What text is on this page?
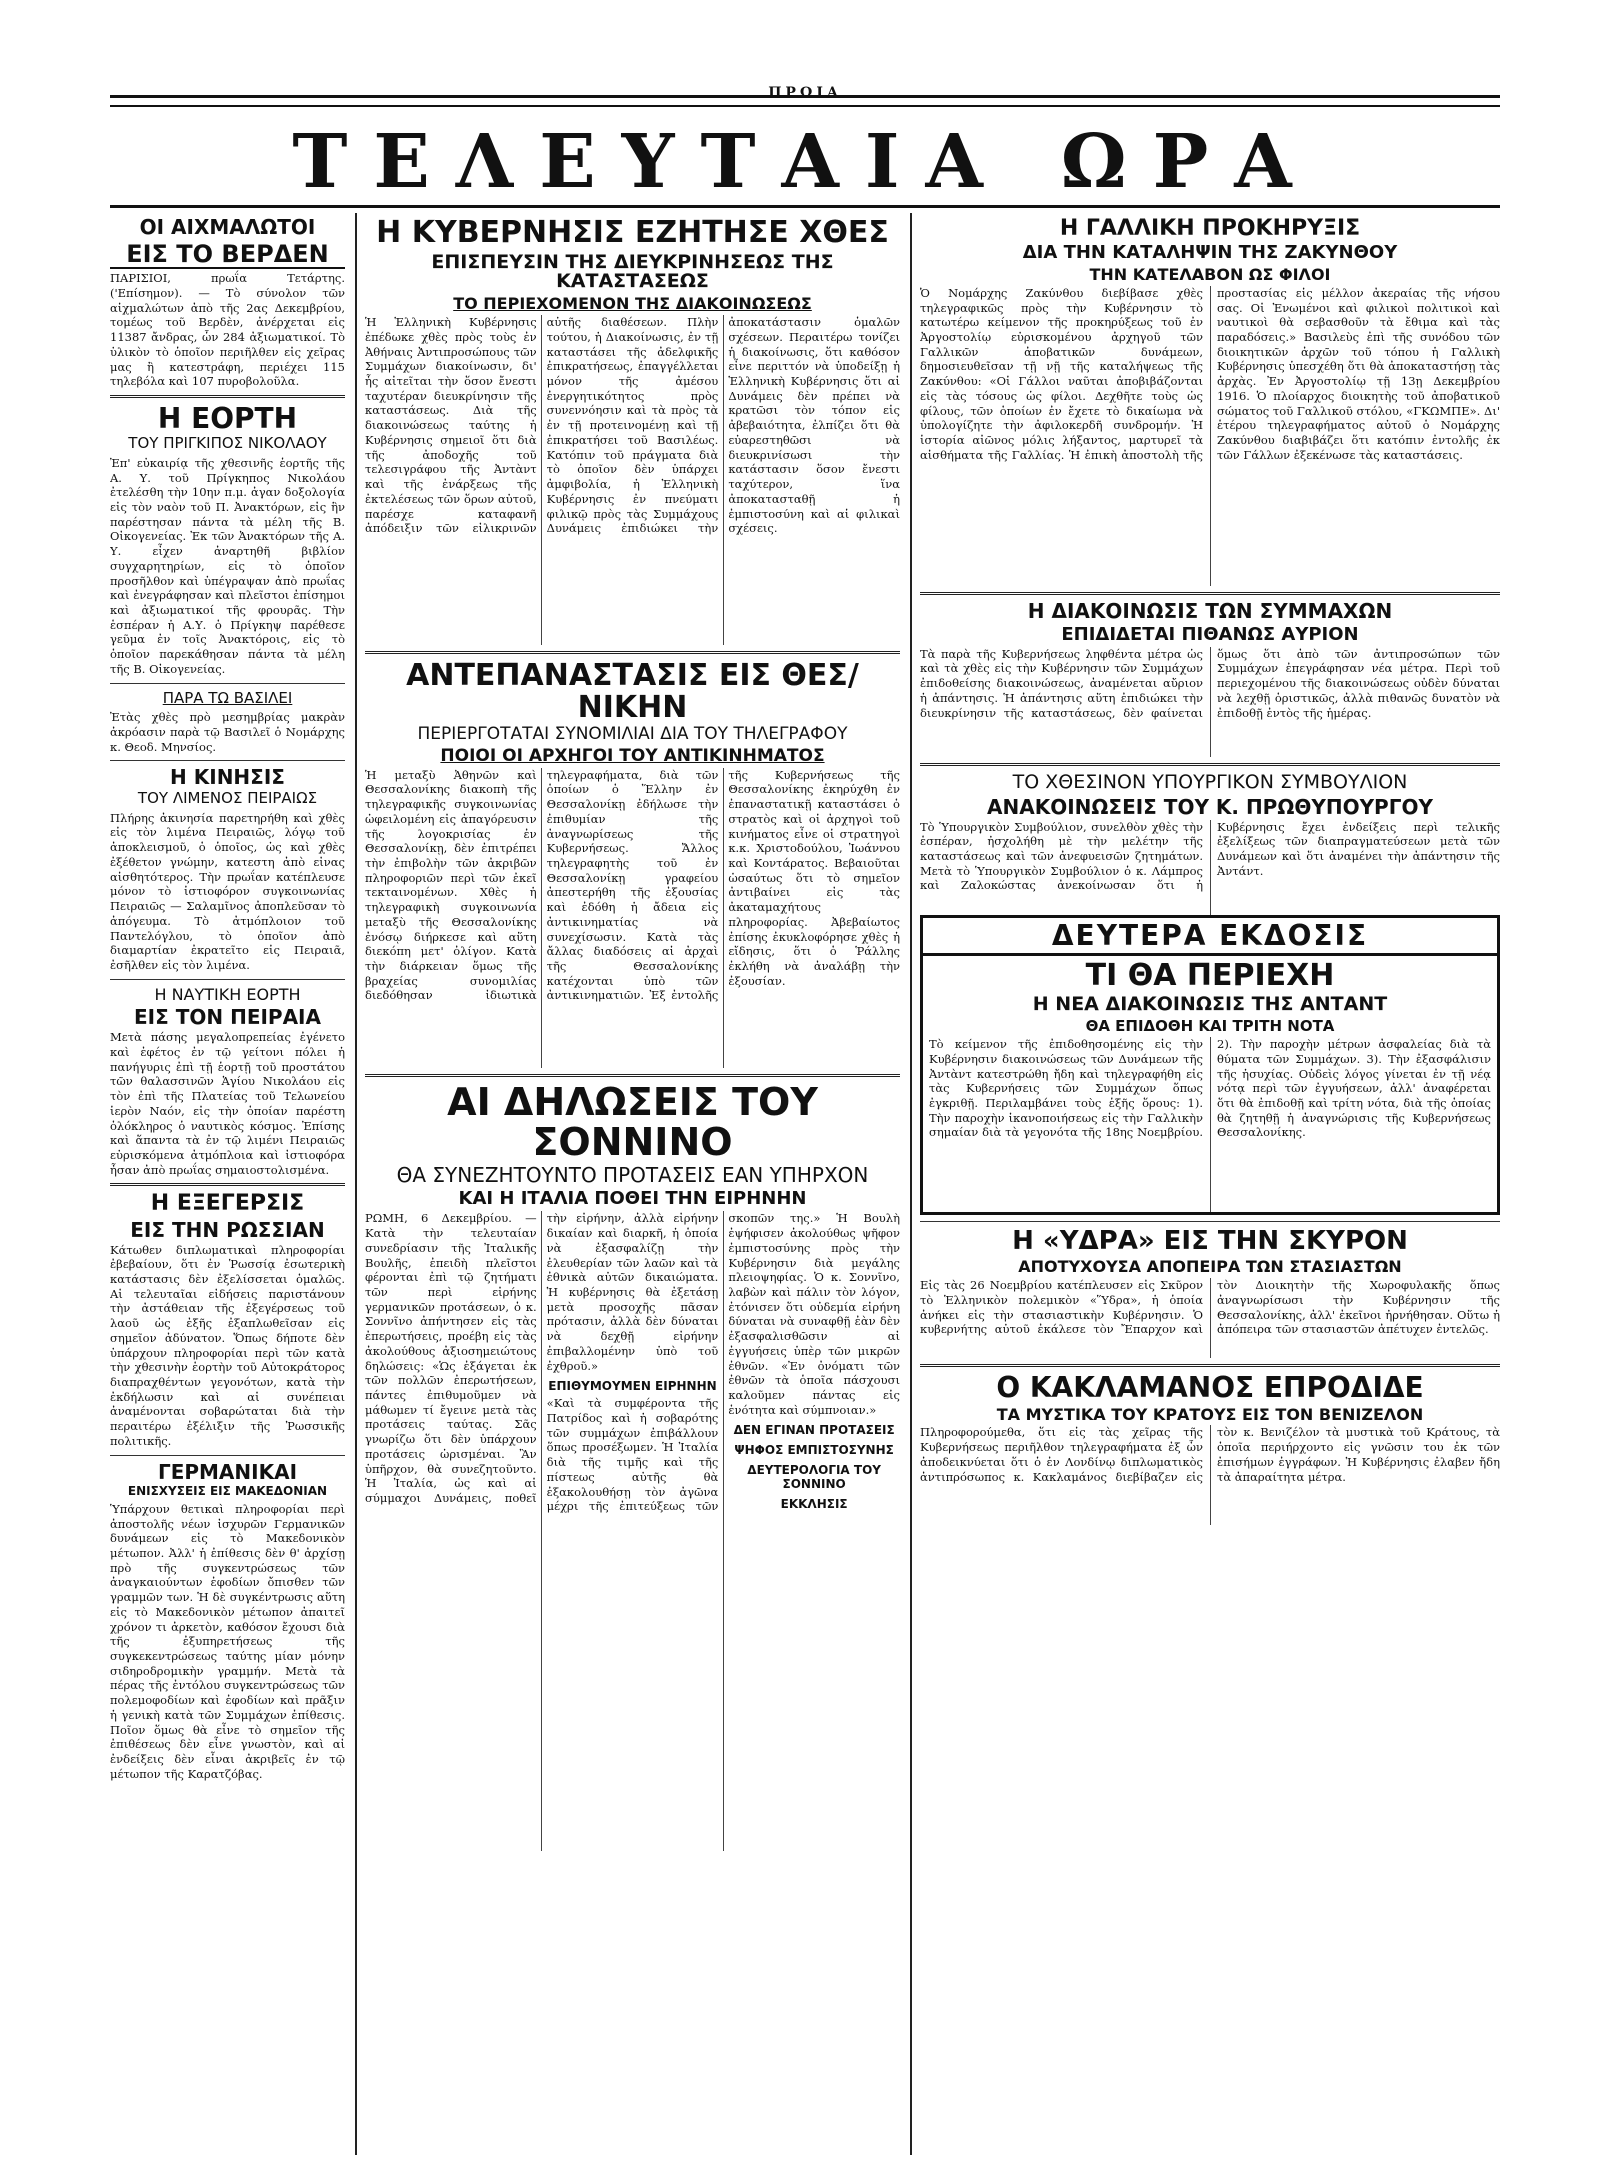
ΠΡΩΙΑ
ΤΕΛΕΥΤΑΙΑ ΩΡΑ
ΟΙ ΑΙΧΜΑΛΩΤΟΙ
ΕΙΣ ΤΟ ΒΕΡΔΕΝ

ΠΑΡΙΣΙΟΙ, πρωΐα Τετάρτης. ('Επίσημον). — Τὸ σύνολον τῶν αἰχμαλώτων ἀπὸ τῆς 2ας Δεκεμβρίου, τομέως τοῦ Βερδὲν, ἀνέρχεται εἰς 11387 ἄνδρας, ὧν 284 ἀξιωματικοί. Τὸ ὑλικὸν τὸ ὁποῖον περιῆλθεν εἰς χεῖρας μας ἢ κατεστράφη, περιέχει 115 τηλεβόλα καὶ 107 πυροβολοῦλα.

Η ΕΟΡΤΗ
ΤΟΥ ΠΡΙΓΚΙΠΟΣ ΝΙΚΟΛΑΟΥ

Ἐπ' εὐκαιρίᾳ τῆς χθεσινῆς ἑορτῆς τῆς Α. Υ. τοῦ Πρίγκηπος Νικολάου ἐτελέσθη τὴν 10ην π.μ. ἀγαν δοξολογία εἰς τὸν ναὸν τοῦ Π. Ἀνακτόρων, εἰς ἣν παρέστησαν πάντα τὰ μέλη τῆς Β. Οἰκογενείας. Ἐκ τῶν Ἀνακτόρων τῆς Α. Υ. εἶχεν ἀναρτηθῆ βιβλίον συγχαρητηρίων, εἰς τὸ ὁποῖον προσῆλθον καὶ ὑπέγραψαν ἀπὸ πρωΐας καὶ ἐνεγράφησαν καὶ πλεῖστοι ἐπίσημοι καὶ ἀξιωματικοί τῆς φρουρᾶς. Τὴν ἑσπέραν ἡ Α.Υ. ὁ Πρίγκηψ παρέθεσε γεῦμα ἐν τοῖς Ἀνακτόροις, εἰς τὸ ὁποῖον παρεκάθησαν πάντα τὰ μέλη τῆς Β. Οἰκογενείας.

ΠΑΡΑ ΤΩ ΒΑΣΙΛΕΙ

Ἐτὰς χθὲς πρὸ μεσημβρίας μακρὰν ἀκρόασιν παρὰ τῷ Βασιλεῖ ὁ Νομάρχης κ. Θεοδ. Μηνσίος.

Η ΚΙΝΗΣΙΣ
ΤΟΥ ΛΙΜΕΝΟΣ ΠΕΙΡΑΙΩΣ

Πλήρης ἀκινησία παρετηρήθη καὶ χθὲς εἰς τὸν λιμένα Πειραιῶς, λόγῳ τοῦ ἀποκλεισμοῦ, ὁ ὁποῖος, ὡς καὶ χθὲς ἐξέθετον γνώμην, κατεστη ἀπὸ εἰνας αἰσθητότερος. Τὴν πρωΐαν κατέπλευσε μόνον τὸ ἰστιοφόρον συγκοινωνίας Πειραιῶς — Σαλαμῖνος ἀποπλεῦσαν τὸ ἀπόγευμα. Τὸ ἀτμόπλοιον τοῦ Παντελόγλου, τὸ ὁποῖον ἀπὸ διαμαρτίαν ἐκρατεῖτο εἰς Πειραιᾶ, ἐσῆλθεν εἰς τὸν λιμένα.

Η ΝΑΥΤΙΚΗ ΕΟΡΤΗ
ΕΙΣ ΤΟΝ ΠΕΙΡΑΙΑ

Μετὰ πάσης μεγαλοπρεπείας ἐγένετο καὶ ἐφέτος ἐν τῷ γείτονι πόλει ἡ πανήγυρις ἐπὶ τῇ ἑορτῇ τοῦ προστάτου τῶν θαλασσινῶν Ἁγίου Νικολάου εἰς τὸν ἐπὶ τῆς Πλατείας τοῦ Τελωνείου ἱερὸν Ναόν, εἰς τὴν ὁποίαν παρέστη ὁλόκληρος ὁ ναυτικὸς κόσμος. Ἐπίσης καὶ ἅπαντα τὰ ἐν τῷ λιμένι Πειραιῶς εὑρισκόμενα ἀτμόπλοια καὶ ἰστιοφόρα ἦσαν ἀπὸ πρωΐας σημαιοστολισμένα.

Η ΕΞΕΓΕΡΣΙΣ
ΕΙΣ ΤΗΝ ΡΩΣΣΙΑΝ

Κάτωθεν διπλωματικαὶ πληροφορίαι ἐβεβαίουν, ὅτι ἐν Ῥωσσίᾳ ἐσωτερικὴ κατάστασις δὲν ἐξελίσσεται ὁμαλῶς. Αἱ τελευταῖαι εἰδήσεις παριστάνουν τὴν ἀστάθειαν τῆς ἐξεγέρσεως τοῦ λαοῦ ὡς ἐξῆς ἐξαπλωθεῖσαν εἰς σημεῖον ἀδύνατον. Ὅπως δήποτε δὲν ὑπάρχουν πληροφορίαι περὶ τῶν κατὰ τὴν χθεσινὴν ἑορτὴν τοῦ Αὐτοκράτορος διαπραχθέντων γεγονότων, κατὰ τὴν ἐκδήλωσιν καὶ αἱ συνέπειαι ἀναμένονται σοβαρώταται διὰ τὴν περαιτέρω ἐξέλιξιν τῆς Ῥωσσικῆς πολιτικῆς.

ΓΕΡΜΑΝΙΚΑΙ
ΕΝΙΣΧΥΣΕΙΣ ΕΙΣ ΜΑΚΕΔΟΝΙΑΝ

Ὑπάρχουν θετικαὶ πληροφορίαι περὶ ἀποστολῆς νέων ἰσχυρῶν Γερμανικῶν δυνάμεων εἰς τὸ Μακεδονικὸν μέτωπον. Ἀλλ' ἡ ἐπίθεσις δὲν θ' ἀρχίσῃ πρὸ τῆς συγκεντρώσεως τῶν ἀναγκαιούντων ἐφοδίων ὄπισθεν τῶν γραμμῶν των. Ἡ δὲ συγκέντρωσις αὕτη εἰς τὸ Μακεδονικὸν μέτωπον ἀπαιτεῖ χρόνον τι ἀρκετὸν, καθόσον ἔχουσι διὰ τῆς ἐξυπηρετήσεως τῆς συγκεκεντρώσεως ταύτης μίαν μόνην σιδηροδρομικὴν γραμμήν. Μετὰ τὰ πέρας τῆς ἐντόλου συγκεντρώσεως τῶν πολεμοφοδίων καὶ ἐφοδίων καὶ πρᾶξιν ἡ γενικὴ κατὰ τῶν Συμμάχων ἐπίθεσις. Ποῖον ὅμως θὰ εἶνε τὸ σημεῖον τῆς ἐπιθέσεως δὲν εἶνε γνωστὸν, καὶ αἱ ἐνδείξεις δὲν εἶναι ἀκριβεῖς ἐν τῷ μέτωπον τῆς Καρατζόβας.

Η ΚΥΒΕΡΝΗΣΙΣ ΕΖΗΤΗΣΕ ΧΘΕΣ
ΕΠΙΣΠΕΥΣΙΝ ΤΗΣ ΔΙΕΥΚΡΙΝΗΣΕΩΣ ΤΗΣ ΚΑΤΑΣΤΑΣΕΩΣ
ΤΟ ΠΕΡΙΕΧΟΜΕΝΟΝ ΤΗΣ ΔΙΑΚΟΙΝΩΣΕΩΣ

Ἡ Ἑλληνικὴ Κυβέρνησις ἐπέδωκε χθὲς πρὸς τοὺς ἐν Ἀθήναις Ἀντιπροσώπους τῶν Συμμάχων διακοίνωσιν, δι' ἧς αἰτεῖται τὴν ὅσον ἔνεστι ταχυτέραν διευκρίνησιν τῆς καταστάσεως. Διὰ τῆς διακοινώσεως ταύτης ἡ Κυβέρνησις σημειοῖ ὅτι διὰ τῆς ἀποδοχῆς τοῦ τελεσιγράφου τῆς Ἀντὰντ καὶ τῆς ἐνάρξεως τῆς ἐκτελέσεως τῶν ὅρων αὐτοῦ, παρέσχε καταφανῆ ἀπόδειξιν τῶν εἰλικρινῶν αὐτῆς διαθέσεων. Πλὴν τούτου, ἡ Διακοίνωσις, ἐν τῇ καταστάσει τῆς ἀδελφικῆς ἐπικρατήσεως, ἐπαγγέλλεται μόνον τῆς ἀμέσου ἐνεργητικότητος πρὸς συνεννόησιν καὶ τὰ πρὸς τὰ ἐν τῇ προτεινομένῃ καὶ τῇ ἐπικρατήσει τοῦ Βασιλέως. Κατόπιν τοῦ πράγματα διὰ τὸ ὁποῖον δὲν ὑπάρχει ἀμφιβολία, ἡ Ἑλληνικὴ Κυβέρνησις ἐν πνεύματι φιλικῷ πρὸς τὰς Συμμάχους Δυνάμεις ἐπιδιώκει τὴν ἀποκατάστασιν ὁμαλῶν σχέσεων. Περαιτέρω τονίζει ἡ διακοίνωσις, ὅτι καθόσον εἶνε περιττόν νὰ ὑποδείξῃ ἡ Ἑλληνικὴ Κυβέρνησις ὅτι αἱ Δυνάμεις δὲν πρέπει νὰ κρατῶσι τὸν τόπον εἰς ἀβεβαιότητα, ἐλπίζει ὅτι θὰ εὐαρεστηθῶσι νὰ διευκρινίσωσι τὴν κατάστασιν ὅσον ἔνεστι ταχύτερον, ἵνα ἀποκατασταθῇ ἡ ἐμπιστοσύνη καὶ αἱ φιλικαὶ σχέσεις.

ΑΝΤΕΠΑΝΑΣΤΑΣΙΣ ΕΙΣ ΘΕΣ/ΝΙΚΗΝ
ΠΕΡΙΕΡΓΟΤΑΤΑΙ ΣΥΝΟΜΙΛΙΑΙ ΔΙΑ ΤΟΥ ΤΗΛΕΓΡΑΦΟΥ
ΠΟΙΟΙ ΟΙ ΑΡΧΗΓΟΙ ΤΟΥ ΑΝΤΙΚΙΝΗΜΑΤΟΣ

Ἡ μεταξὺ Ἀθηνῶν καὶ Θεσσαλονίκης διακοπὴ τῆς τηλεγραφικῆς συγκοινωνίας ὠφειλομένη εἰς ἀπαγόρευσιν τῆς λογοκρισίας ἐν Θεσσαλονίκῃ, δὲν ἐπιτρέπει τὴν ἐπιβολὴν τῶν ἀκριβῶν πληροφοριῶν περὶ τῶν ἐκεῖ τεκταινομένων. Χθὲς ἡ τηλεγραφικὴ συγκοινωνία μεταξὺ τῆς Θεσσαλονίκης ἐνόσῳ διήρκεσε καὶ αὕτη διεκόπη μετ' ὀλίγον. Κατὰ τὴν διάρκειαν ὅμως τῆς βραχείας συνομιλίας διεδόθησαν ἰδιωτικὰ τηλεγραφήματα, διὰ τῶν ὁποίων ὁ Ἕλλην ἐν Θεσσαλονίκῃ ἐδήλωσε τὴν ἐπιθυμίαν τῆς ἀναγνωρίσεως τῆς Κυβερνήσεως. Ἄλλος τηλεγραφητὴς τοῦ ἐν Θεσσαλονίκῃ γραφείου ἀπεστερήθη τῆς ἐξουσίας καὶ ἐδόθη ἡ ἄδεια εἰς ἀντικινηματίας νὰ συνεχίσωσιν. Κατὰ τὰς ἄλλας διαδόσεις αἱ ἀρχαὶ τῆς Θεσσαλονίκης κατέχονται ὑπὸ τῶν ἀντικινηματιῶν. Ἐξ ἐντολῆς τῆς Κυβερνήσεως τῆς Θεσσαλονίκης ἐκηρύχθη ἐν ἐπαναστατικῇ καταστάσει ὁ στρατὸς καὶ οἱ ἀρχηγοὶ τοῦ κινήματος εἶνε οἱ στρατηγοὶ κ.κ. Χριστοδούλου, Ἰωάννου καὶ Κοντάρατος. Βεβαιοῦται ὡσαύτως ὅτι τὸ σημεῖον ἀντιβαίνει εἰς τὰς ἀκαταμαχήτους πληροφορίας. Ἀβεβαίωτος ἐπίσης ἐκυκλοφόρησε χθὲς ἡ εἴδησις, ὅτι ὁ Ῥάλλης ἐκλήθη νὰ ἀναλάβῃ τὴν ἐξουσίαν.

ΑΙ ΔΗΛΩΣΕΙΣ ΤΟΥ ΣΟΝΝΙΝΟ
ΘΑ ΣΥΝΕΖΗΤΟΥΝΤΟ ΠΡΟΤΑΣΕΙΣ ΕΑΝ ΥΠΗΡΧΟΝ
ΚΑΙ Η ΙΤΑΛΙΑ ΠΟΘΕΙ ΤΗΝ ΕΙΡΗΝΗΝ

ΡΩΜΗ, 6 Δεκεμβρίου. — Κατὰ τὴν τελευταίαν συνεδρίασιν τῆς Ἰταλικῆς Βουλῆς, ἐπειδὴ πλεῖστοι φέρονται ἐπὶ τῷ ζητήματι τῶν περὶ εἰρήνης γερμανικῶν προτάσεων, ὁ κ. Σοννῖνο ἀπήντησεν εἰς τὰς ἐπερωτήσεις, προέβη εἰς τὰς ἀκολούθους ἀξιοσημειώτους δηλώσεις: «Ὡς ἐξάγεται ἐκ τῶν πολλῶν ἐπερωτήσεων, πάντες ἐπιθυμοῦμεν νὰ μάθωμεν τί ἔγεινε μετὰ τὰς προτάσεις ταύτας. Σᾶς γνωρίζω ὅτι δὲν ὑπάρχουν προτάσεις ὡρισμέναι. Ἂν ὑπῆρχον, θὰ συνεζητοῦντο. Ἡ Ἰταλία, ὡς καὶ αἱ σύμμαχοι Δυνάμεις, ποθεῖ τὴν εἰρήνην, ἀλλὰ εἰρήνην δικαίαν καὶ διαρκῆ, ἡ ὁποία νὰ ἐξασφαλίζῃ τὴν ἐλευθερίαν τῶν λαῶν καὶ τὰ ἐθνικὰ αὐτῶν δικαιώματα. Ἡ κυβέρνησις θὰ ἐξετάσῃ μετὰ προσοχῆς πᾶσαν πρότασιν, ἀλλὰ δὲν δύναται νὰ δεχθῇ εἰρήνην ἐπιβαλλομένην ὑπὸ τοῦ ἐχθροῦ.»

ΕΠΙΘΥΜΟΥΜΕΝ ΕΙΡΗΝΗΝ

«Καὶ τὰ συμφέροντα τῆς Πατρίδος καὶ ἡ σοβαρότης τῶν συμμάχων ἐπιβάλλουν ὅπως προσέξωμεν. Ἡ Ἰταλία διὰ τῆς τιμῆς καὶ τῆς πίστεως αὐτῆς θὰ ἐξακολουθήσῃ τὸν ἀγῶνα μέχρι τῆς ἐπιτεύξεως τῶν σκοπῶν της.» Ἡ Βουλὴ ἐψήφισεν ἀκολούθως ψῆφον ἐμπιστοσύνης πρὸς τὴν Κυβέρνησιν διὰ μεγάλης πλειοψηφίας. Ὁ κ. Σοννῖνο, λαβὼν καὶ πάλιν τὸν λόγον, ἐτόνισεν ὅτι οὐδεμία εἰρήνη δύναται νὰ συναφθῇ ἐὰν δὲν ἐξασφαλισθῶσιν αἱ ἐγγυήσεις ὑπὲρ τῶν μικρῶν ἐθνῶν. «Ἐν ὀνόματι τῶν ἐθνῶν τὰ ὁποῖα πάσχουσι καλοῦμεν πάντας εἰς ἑνότητα καὶ σύμπνοιαν.»

ΔΕΝ ΕΓΙΝΑΝ ΠΡΟΤΑΣΕΙΣ
ΨΗΦΟΣ ΕΜΠΙΣΤΟΣΥΝΗΣ
ΔΕΥΤΕΡΟΛΟΓΙΑ ΤΟΥ ΣΟΝΝΙΝΟ
ΕΚΚΛΗΣΙΣ
Η ΓΑΛΛΙΚΗ ΠΡΟΚΗΡΥΞΙΣ
ΔΙΑ ΤΗΝ ΚΑΤΑΛΗΨΙΝ ΤΗΣ ΖΑΚΥΝΘΟΥ
ΤΗΝ ΚΑΤΕΛΑΒΟΝ ΩΣ ΦΙΛΟΙ

Ὁ Νομάρχης Ζακύνθου διεβίβασε χθὲς τηλεγραφικῶς πρὸς τὴν Κυβέρνησιν τὸ κατωτέρω κείμενον τῆς προκηρύξεως τοῦ ἐν Ἀργοστολίῳ εὑρισκομένου ἀρχηγοῦ τῶν Γαλλικῶν ἀποβατικῶν δυνάμεων, δημοσιευθεῖσαν τῇ νῇ τῆς καταλήψεως τῆς Ζακύνθου: «Οἱ Γάλλοι ναῦται ἀποβιβάζονται εἰς τὰς τόσους ὡς φίλοι. Δεχθῆτε τοὺς ὡς φίλους, τῶν ὁποίων ἐν ἔχετε τὸ δικαίωμα νὰ ὑπολογίζητε τὴν ἀφιλοκερδῆ συνδρομήν. Ἡ ἱστορία αἰῶνος μόλις λήξαντος, μαρτυρεῖ τὰ αἰσθήματα τῆς Γαλλίας. Ἡ ἐπικὴ ἀποστολὴ τῆς προστασίας εἰς μέλλον ἀκεραίας τῆς νήσου σας. Οἱ Ἑνωμένοι καὶ φιλικοὶ πολιτικοὶ καὶ ναυτικοὶ θὰ σεβασθοῦν τὰ ἔθιμα καὶ τὰς παραδόσεις.» Βασιλεὺς ἐπὶ τῆς συνόδου τῶν διοικητικῶν ἀρχῶν τοῦ τόπου ἡ Γαλλικὴ Κυβέρνησις ὑπεσχέθη ὅτι θὰ ἀποκαταστήσῃ τὰς ἀρχὰς. Ἐν Ἀργοστολίῳ τῇ 13ῃ Δεκεμβρίου 1916. Ὁ πλοίαρχος διοικητὴς τοῦ ἀποβατικοῦ σώματος τοῦ Γαλλικοῦ στόλου, «ΓΚΩΜΠΕ». Δι' ἑτέρου τηλεγραφήματος αὐτοῦ ὁ Νομάρχης Ζακύνθου διαβιβάζει ὅτι κατόπιν ἐντολῆς ἐκ τῶν Γάλλων ἐξεκένωσε τὰς καταστάσεις.

Η ΔΙΑΚΟΙΝΩΣΙΣ ΤΩΝ ΣΥΜΜΑΧΩΝ
ΕΠΙΔΙΔΕΤΑΙ ΠΙΘΑΝΩΣ ΑΥΡΙΟΝ

Τὰ παρὰ τῆς Κυβερνήσεως ληφθέντα μέτρα ὡς καὶ τὰ χθὲς εἰς τὴν Κυβέρνησιν τῶν Συμμάχων ἐπιδοθείσης διακοινώσεως, ἀναμένεται αὔριον ἡ ἀπάντησις. Ἡ ἀπάντησις αὕτη ἐπιδιώκει τὴν διευκρίνησιν τῆς καταστάσεως, δὲν φαίνεται ὅμως ὅτι ἀπὸ τῶν ἀντιπροσώπων τῶν Συμμάχων ἐπεγράφησαν νέα μέτρα. Περὶ τοῦ περιεχομένου τῆς διακοινώσεως οὐδὲν δύναται νὰ λεχθῇ ὁριστικῶς, ἀλλὰ πιθανῶς δυνατὸν νὰ ἐπιδοθῇ ἐντὸς τῆς ἡμέρας.

ΤΟ ΧΘΕΣΙΝΟΝ ΥΠΟΥΡΓΙΚΟΝ ΣΥΜΒΟΥΛΙΟΝ
ΑΝΑΚΟΙΝΩΣΕΙΣ ΤΟΥ Κ. ΠΡΩΘΥΠΟΥΡΓΟΥ

Τὸ Ὑπουργικὸν Συμβούλιον, συνελθὸν χθὲς τὴν ἑσπέραν, ἠσχολήθη μὲ τὴν μελέτην τῆς καταστάσεως καὶ τῶν ἀνεφυεισῶν ζητημάτων. Μετὰ τὸ Ὑπουργικὸν Συμβούλιον ὁ κ. Λάμπρος καὶ Ζαλοκώστας ἀνεκοίνωσαν ὅτι ἡ Κυβέρνησις ἔχει ἐνδείξεις περὶ τελικῆς ἐξελίξεως τῶν διαπραγματεύσεων μετὰ τῶν Δυνάμεων καὶ ὅτι ἀναμένει τὴν ἀπάντησιν τῆς Ἀντάντ.

ΔΕΥΤΕΡΑ ΕΚΔΟΣΙΣ
ΤΙ ΘΑ ΠΕΡΙΕΧΗ
Η ΝΕΑ ΔΙΑΚΟΙΝΩΣΙΣ ΤΗΣ ΑΝΤΑΝΤ
ΘΑ ΕΠΙΔΟΘΗ ΚΑΙ ΤΡΙΤΗ ΝΟΤΑ

Τὸ κείμενον τῆς ἐπιδοθησομένης εἰς τὴν Κυβέρνησιν διακοινώσεως τῶν Δυνάμεων τῆς Ἀντὰντ κατεστρώθη ἤδη καὶ τηλεγραφήθη εἰς τὰς Κυβερνήσεις τῶν Συμμάχων ὅπως ἐγκριθῇ. Περιλαμβάνει τοὺς ἑξῆς ὅρους: 1). Τὴν παροχὴν ἱκανοποιήσεως εἰς τὴν Γαλλικὴν σημαίαν διὰ τὰ γεγονότα τῆς 18ης Νοεμβρίου. 2). Τὴν παροχὴν μέτρων ἀσφαλείας διὰ τὰ θύματα τῶν Συμμάχων. 3). Τὴν ἐξασφάλισιν τῆς ἡσυχίας. Οὐδεὶς λόγος γίνεται ἐν τῇ νέᾳ νότᾳ περὶ τῶν ἐγγυήσεων, ἀλλ' ἀναφέρεται ὅτι θὰ ἐπιδοθῇ καὶ τρίτη νότα, διὰ τῆς ὁποίας θὰ ζητηθῇ ἡ ἀναγνώρισις τῆς Κυβερνήσεως Θεσσαλονίκης.

Η «ΥΔΡΑ» ΕΙΣ ΤΗΝ ΣΚΥΡΟΝ
ΑΠΟΤΥΧΟΥΣΑ ΑΠΟΠΕΙΡΑ ΤΩΝ ΣΤΑΣΙΑΣΤΩΝ

Εἰς τὰς 26 Νοεμβρίου κατέπλευσεν εἰς Σκῦρον τὸ Ἑλληνικὸν πολεμικὸν «Ὕδρα», ἡ ὁποία ἀνήκει εἰς τὴν στασιαστικὴν Κυβέρνησιν. Ὁ κυβερνήτης αὐτοῦ ἐκάλεσε τὸν Ἔπαρχον καὶ τὸν Διοικητὴν τῆς Χωροφυλακῆς ὅπως ἀναγνωρίσωσι τὴν Κυβέρνησιν τῆς Θεσσαλονίκης, ἀλλ' ἐκεῖνοι ἠρνήθησαν. Οὕτω ἡ ἀπόπειρα τῶν στασιαστῶν ἀπέτυχεν ἐντελῶς.

Ο ΚΑΚΛΑΜΑΝΟΣ ΕΠΡΟΔΙΔΕ
ΤΑ ΜΥΣΤΙΚΑ ΤΟΥ ΚΡΑΤΟΥΣ ΕΙΣ ΤΟΝ ΒΕΝΙΖΕΛΟΝ

Πληροφορούμεθα, ὅτι εἰς τὰς χεῖρας τῆς Κυβερνήσεως περιῆλθον τηλεγραφήματα ἐξ ὧν ἀποδεικνύεται ὅτι ὁ ἐν Λονδίνῳ διπλωματικὸς ἀντιπρόσωπος κ. Κακλαμάνος διεβίβαζεν εἰς τὸν κ. Βενιζέλον τὰ μυστικὰ τοῦ Κράτους, τὰ ὁποῖα περιήρχοντο εἰς γνῶσιν του ἐκ τῶν ἐπισήμων ἐγγράφων. Ἡ Κυβέρνησις ἐλαβεν ἤδη τὰ ἀπαραίτητα μέτρα.
